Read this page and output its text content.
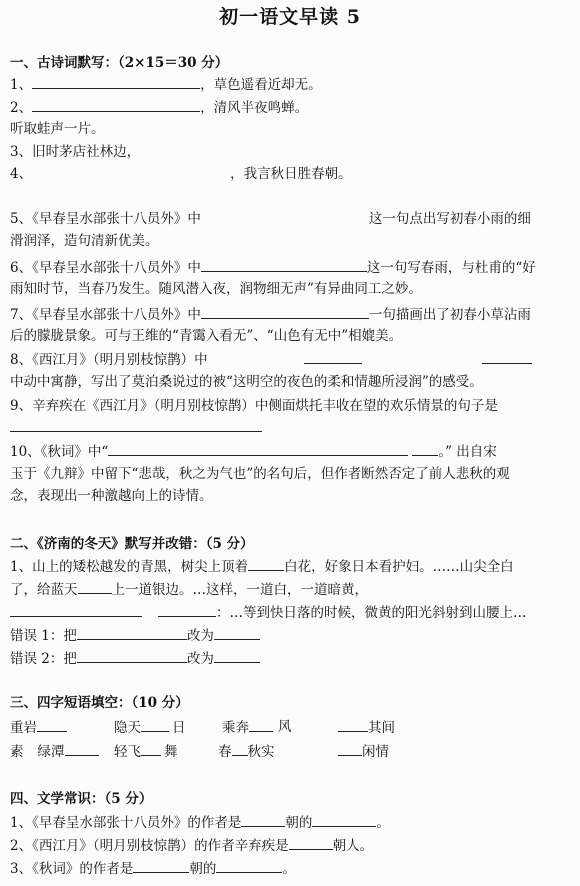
初一语文早读 5
一、古诗词默写：（2×15＝30 分）
1、	，草色遥看近却无。
2、	，清风半夜鸣蝉。
听取蛙声一片。
3、旧时茅店社林边，
4、	，我言秋日胜春朝。
5、《早春呈水部张十八员外》中	这一句点出写初春小雨的细
滑润泽，造句清新优美。
6、《早春呈水部张十八员外》中	这一句写春雨，与杜甫的“好
雨知时节，当春乃发生。随风潜入夜，润物细无声”有异曲同工之妙。
7、《早春呈水部张十八员外》中	一句描画出了初春小草沾雨
后的朦胧景象。可与王维的“青霭入看无”、“山色有无中”相媲美。
8、《西江月》（明月别枝惊鹊）中
中动中寓静，写出了莫泊桑说过的被“这明空的夜色的柔和情趣所浸润”的感受。
9、辛弃疾在《西江月》（明月别枝惊鹊）中侧面烘托丰收在望的欢乐情景的句子是
10、《秋词》中“	。” 出自宋
玉于《九辩》中留下“悲哉，秋之为气也”的名句后，但作者断然否定了前人悲秋的观
念，表现出一种激越向上的诗情。
二、《济南的冬天》默写并改错：（5 分）
1、山上的矮松越发的青黑，树尖上顶着	白花，好象日本看护妇。……山尖全白
了，给蓝天	上一道银边。…这样，一道白，一道暗黄，
：…等到快日落的时候，微黄的阳光斜射到山腰上…
错误 1：把	改为
错误 2：把	改为
三、四字短语填空：（10 分）
重岩	隐天	日	乘奔	风	其间
素 绿潭	轻飞	舞	春 秋实	闲情
四、文学常识：（5 分）
1、《早春呈水部张十八员外》的作者是	朝的	。
2、《西江月》（明月别枝惊鹊）的作者辛弃疾是	朝人。
3、《秋词》的作者是	朝的	。
